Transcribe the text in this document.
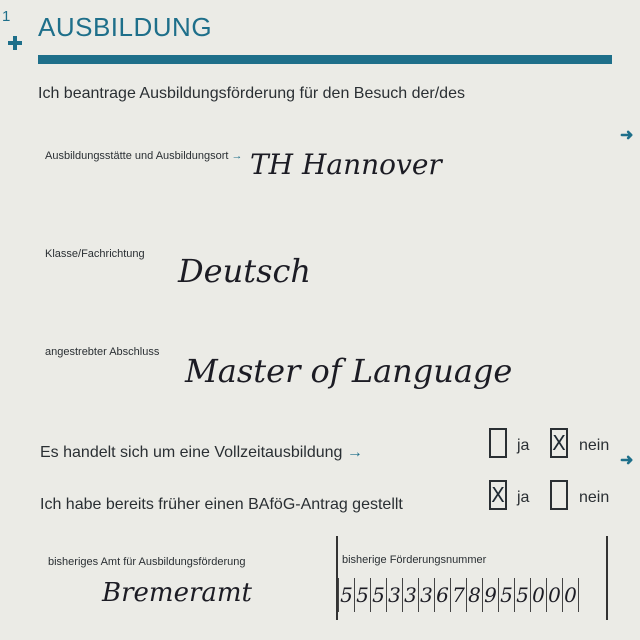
1 AUSBILDUNG
Ich beantrage Ausbildungsförderung für den Besuch der/des
➜
➜
Ausbildungsstätte und Ausbildungsort → TH Hannover
Klasse/Fachrichtung Deutsch
angestrebter Abschluss Master of Language
Es handelt sich um eine Vollzeitausbildung →	ja X nein
Ich habe bereits früher einen BAföG-Antrag gestellt	X ja	nein
bisheriges Amt für Ausbildungsförderung
Bremeramt
bisherige Förderungsnummer
5 5 5 3 3 3 6 7 8 9 5 5 0 0 0
